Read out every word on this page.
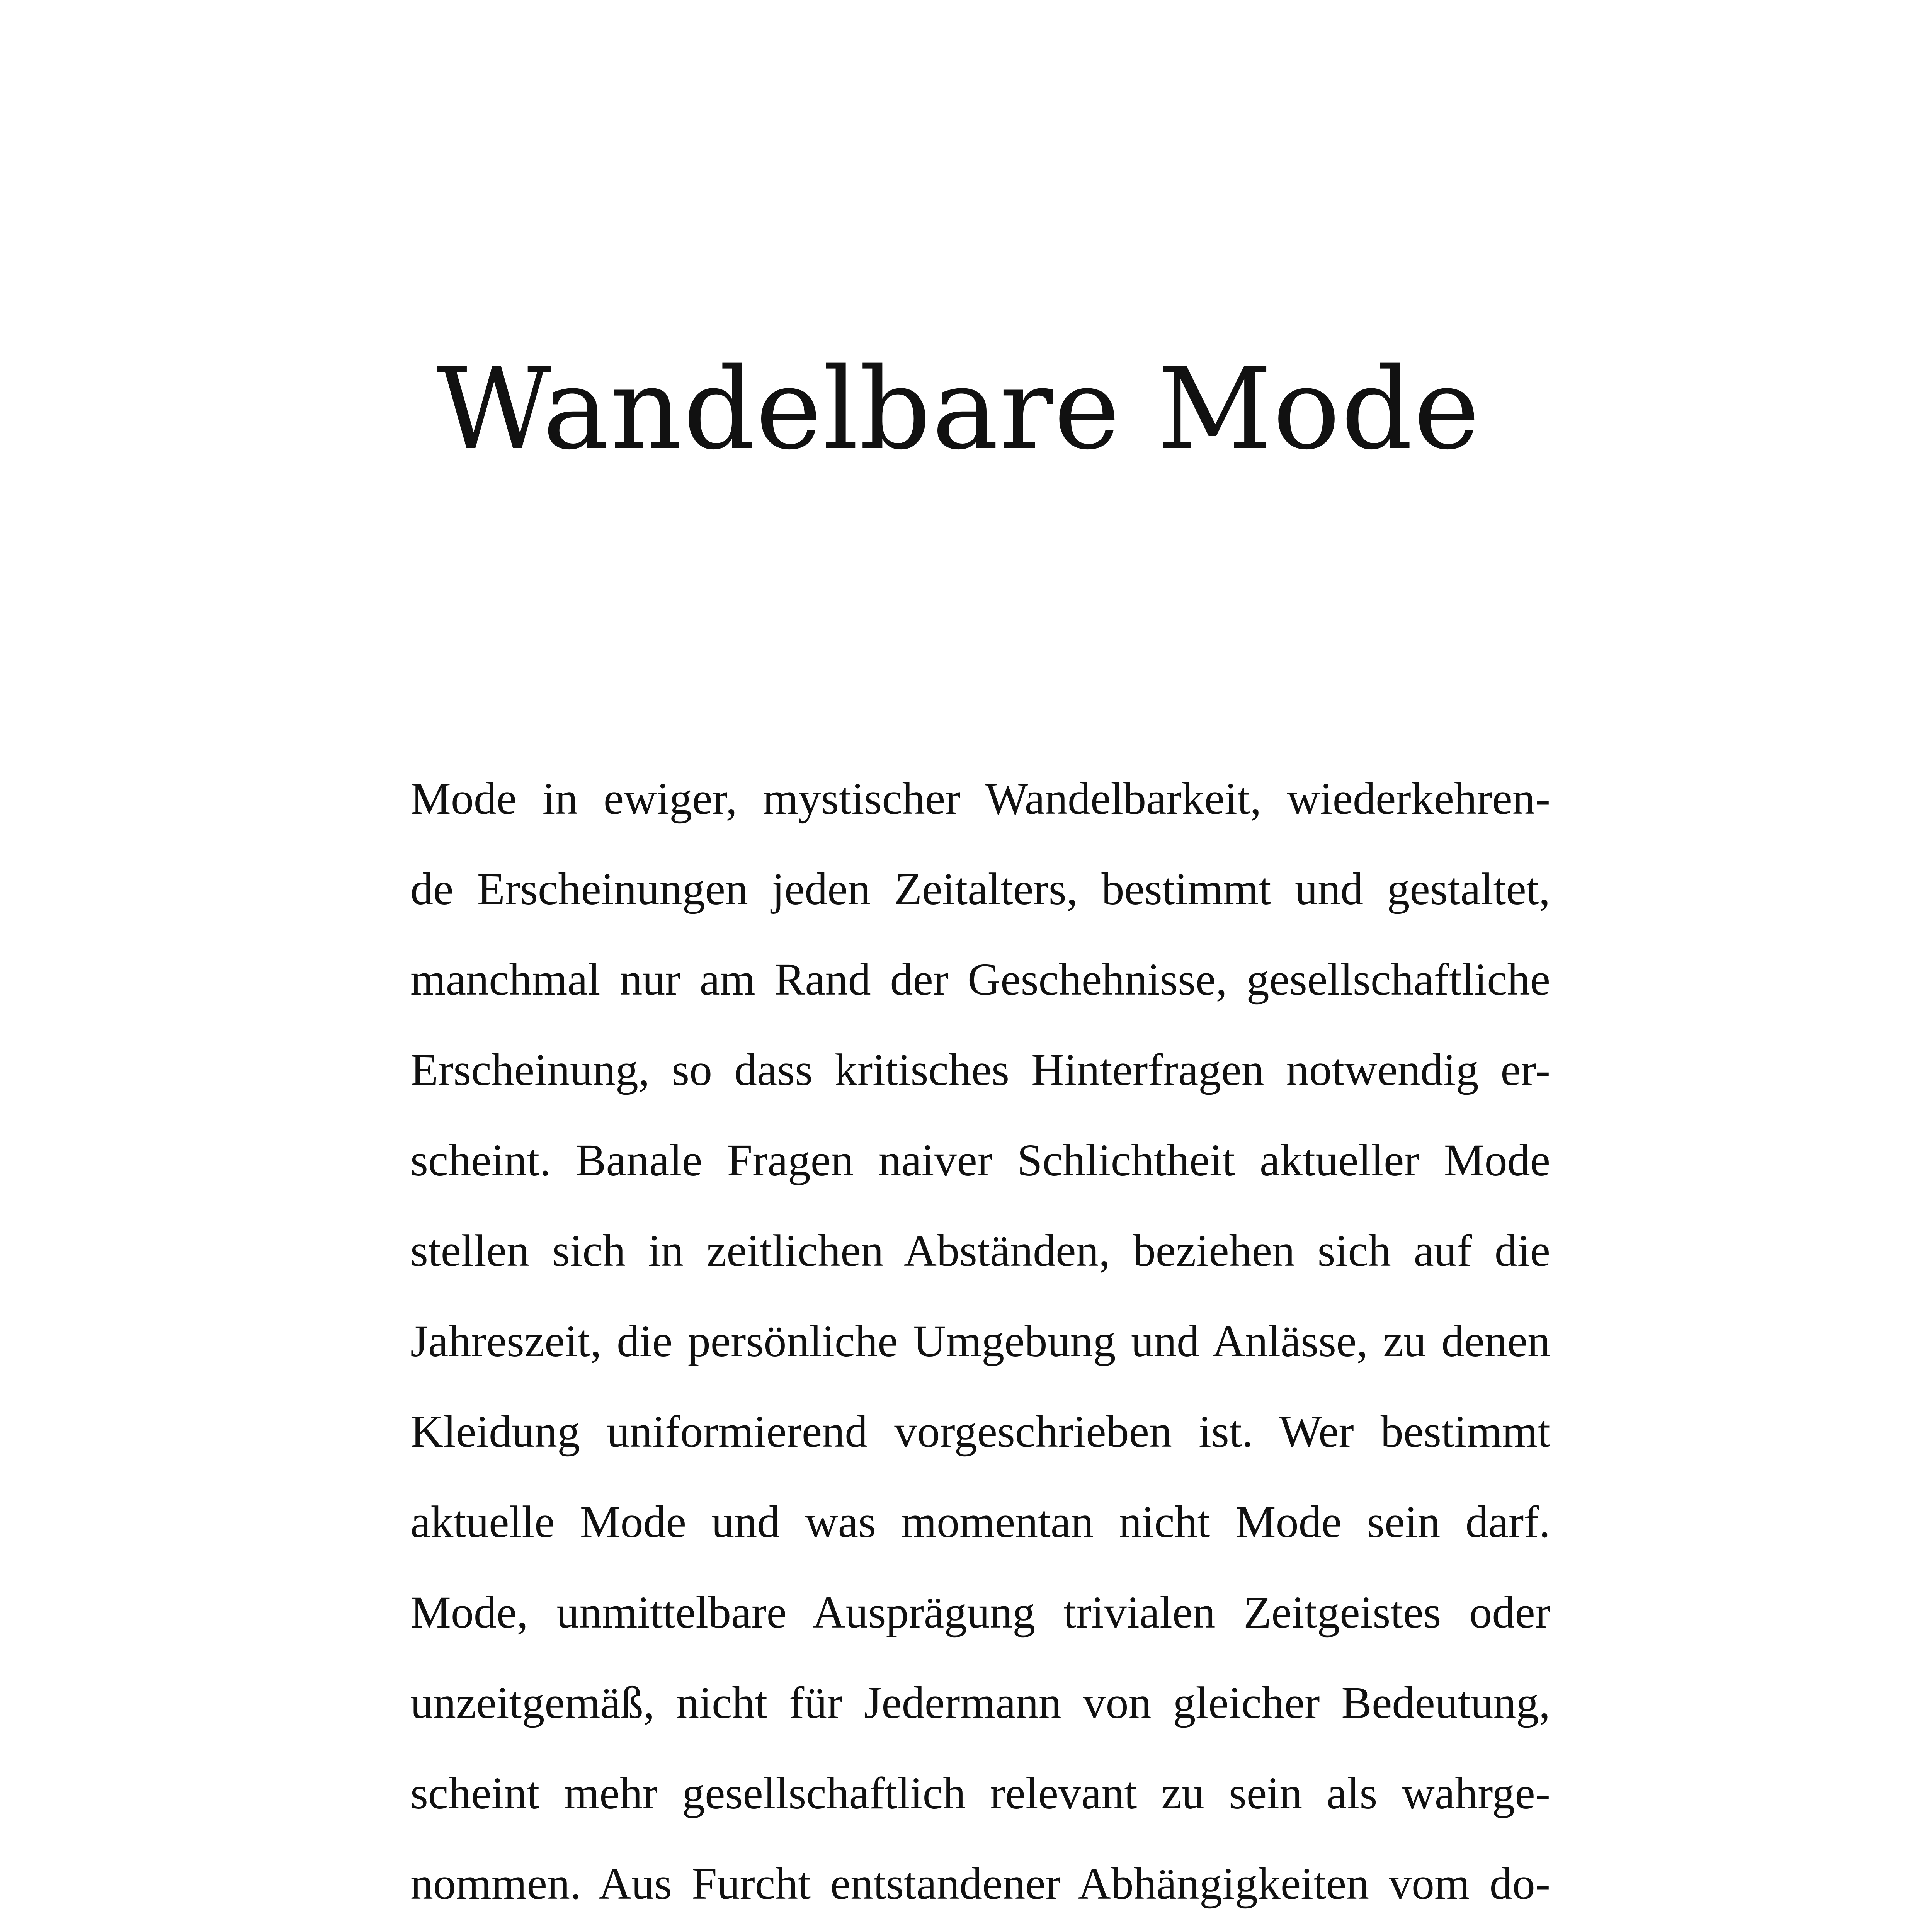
Wandelbare Mode
Mode in ewiger, mystischer Wandelbarkeit, wiederkehren-
de Erscheinungen jeden Zeitalters, bestimmt und gestaltet,
manchmal nur am Rand der Geschehnisse, gesellschaftliche
Erscheinung, so dass kritisches Hinterfragen notwendig er-
scheint. Banale Fragen naiver Schlichtheit aktueller Mode
stellen sich in zeitlichen Abständen, beziehen sich auf die
Jahreszeit, die persönliche Umgebung und Anlässe, zu denen
Kleidung uniformierend vorgeschrieben ist. Wer bestimmt
aktuelle Mode und was momentan nicht Mode sein darf.
Mode, unmittelbare Ausprägung trivialen Zeitgeistes oder
unzeitgemäß, nicht für Jedermann von gleicher Bedeutung,
scheint mehr gesellschaftlich relevant zu sein als wahrge-
nommen. Aus Furcht entstandener Abhängigkeiten vom do-
